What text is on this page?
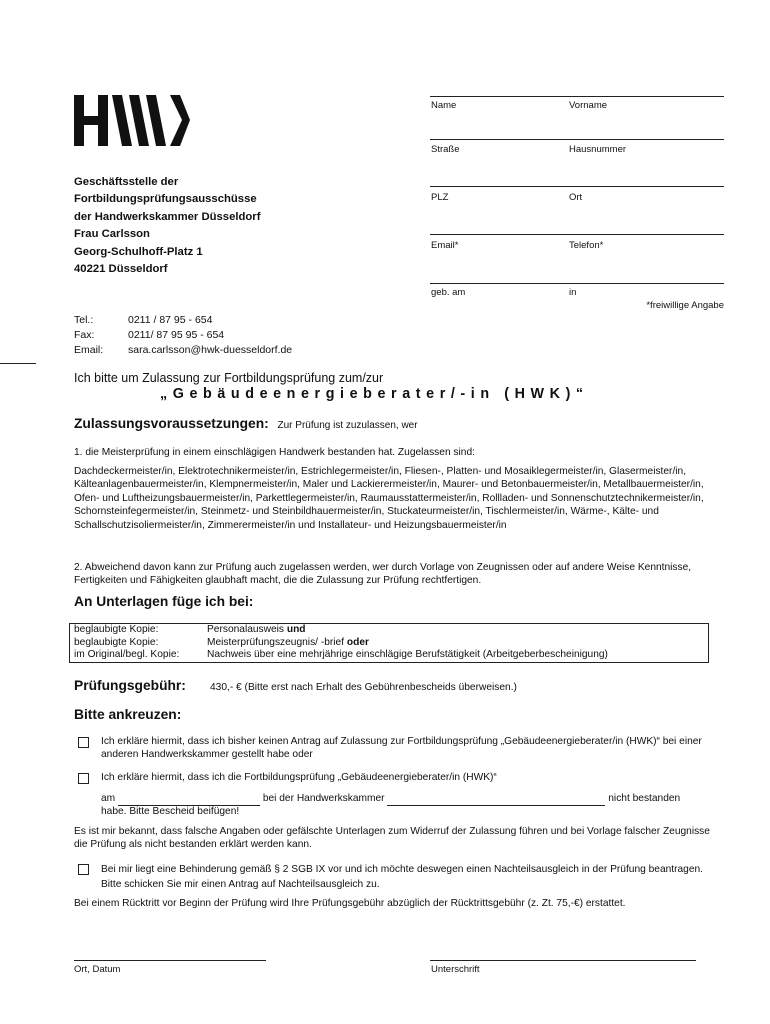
Geschäftsstelle der
Fortbildungsprüfungsausschüsse
der Handwerkskammer Düsseldorf
Frau Carlsson
Georg-Schulhoff-Platz 1
40221 Düsseldorf
Tel.:	0211 / 87 95 - 654
Fax:	0211/ 87 95 95 - 654
Email:	sara.carlsson@hwk-duesseldorf.de
Name	Vorname
Straße	Hausnummer
PLZ	Ort
Email*	Telefon*
geb. am	in
*freiwillige Angabe
Ich bitte um Zulassung zur Fortbildungsprüfung zum/zur
„Gebäudeenergieberater/-in (HWK)“
Zulassungsvoraussetzungen: Zur Prüfung ist zuzulassen, wer
1. die Meisterprüfung in einem einschlägigen Handwerk bestanden hat. Zugelassen sind:
Dachdeckermeister/in, Elektrotechnikermeister/in, Estrichlegermeister/in, Fliesen-, Platten- und Mosaiklegermeister/in, Glasermeister/in, Kälteanlagenbauermeister/in, Klempnermeister/in, Maler und Lackierermeister/in, Maurer- und Betonbauermeister/in, Metallbauermeister/in, Ofen- und Luftheizungsbauermeister/in, Parkettlegermeister/in, Raumausstattermeister/in, Rollladen- und Sonnenschutztechnikermeister/in, Schornsteinfegermeister/in, Steinmetz- und Steinbildhauermeister/in, Stuckateurmeister/in, Tischlermeister/in, Wärme-, Kälte- und Schallschutzisoliermeister/in, Zimmerermeister/in und Installateur- und Heizungsbauermeister/in
2. Abweichend davon kann zur Prüfung auch zugelassen werden, wer durch Vorlage von Zeugnissen oder auf andere Weise Kenntnisse, Fertigkeiten und Fähigkeiten glaubhaft macht, die die Zulassung zur Prüfung rechtfertigen.
An Unterlagen füge ich bei:
beglaubigte Kopie:	Personalausweis und
beglaubigte Kopie:	Meisterprüfungszeugnis/ -brief oder
im Original/begl. Kopie:	Nachweis über eine mehrjährige einschlägige Berufstätigkeit (Arbeitgeberbescheinigung)
Prüfungsgebühr: 430,- € (Bitte erst nach Erhalt des Gebührenbescheids überweisen.)
Bitte ankreuzen:
Ich erkläre hiermit, dass ich bisher keinen Antrag auf Zulassung zur Fortbildungsprüfung „Gebäudeenergieberater/in (HWK)“ bei einer anderen Handwerkskammer gestellt habe oder
Ich erkläre hiermit, dass ich die Fortbildungsprüfung „Gebäudeenergieberater/in (HWK)“
am	bei der Handwerkskammer	nicht bestanden
habe. Bitte Bescheid beifügen!
Es ist mir bekannt, dass falsche Angaben oder gefälschte Unterlagen zum Widerruf der Zulassung führen und bei Vorlage falscher Zeugnisse die Prüfung als nicht bestanden erklärt werden kann.
Bei mir liegt eine Behinderung gemäß § 2 SGB IX vor und ich möchte deswegen einen Nachteilsausgleich in der Prüfung beantragen. Bitte schicken Sie mir einen Antrag auf Nachteilsausgleich zu.
Bei einem Rücktritt vor Beginn der Prüfung wird Ihre Prüfungsgebühr abzüglich der Rücktrittsgebühr (z. Zt. 75,-€) erstattet.
Ort, Datum	Unterschrift
